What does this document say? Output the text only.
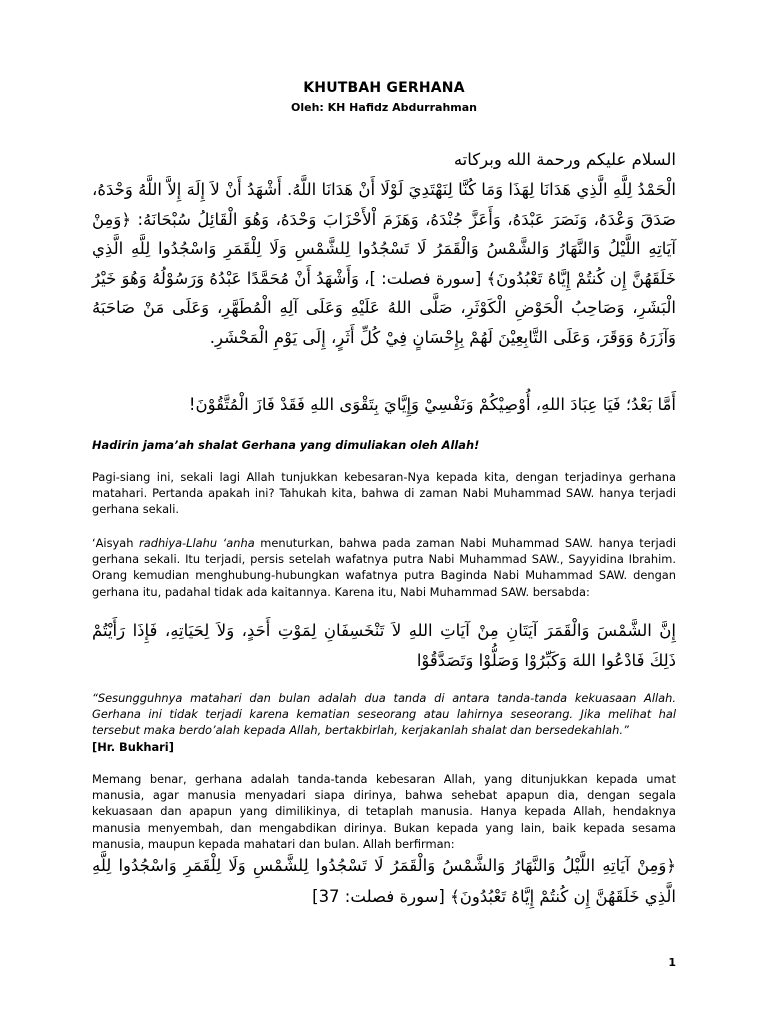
KHUTBAH GERHANA
Oleh: KH Hafidz Abdurrahman
السلام عليكم ورحمة الله وبركاته
الْحَمْدُ لِلَّهِ الَّذِي هَدَانَا لِهَذَا وَمَا كُنَّا لِنَهْتَدِيَ لَوْلَا أَنْ هَدَانَا اللَّهُ. أَشْهَدُ أَنْ لاَ إِلَهَ إِلاَّ اللَّهُ وَحْدَهُ، صَدَقَ وَعْدَهُ، وَنَصَرَ عَبْدَهُ، وَأَعَزَّ جُنْدَهُ، وَهَزَمَ اْلأَحْزَابَ وَحْدَهُ، وَهُوَ الْقَائِلُ سُبْحَانَهُ: ﴿وَمِنْ آيَاتِهِ اللَّيْلُ وَالنَّهَارُ وَالشَّمْسُ وَالْقَمَرُ لَا تَسْجُدُوا لِلشَّمْسِ وَلَا لِلْقَمَرِ وَاسْجُدُوا لِلَّهِ الَّذِي خَلَقَهُنَّ إِن كُنتُمْ إِيَّاهُ تَعْبُدُونَ﴾ [سورة فصلت: ]، وَأَشْهَدُ أَنْ مُحَمَّدًا عَبْدُهُ وَرَسُوْلُهُ وَهُوَ خَيْرُ الْبَشَرِ، وَصَاحِبُ الْحَوْضِ الْكَوْثَرِ، صَلَّى اللهُ عَلَيْهِ وَعَلَى آلِهِ الْمُطَهَّرِ، وَعَلَى مَنْ صَاحَبَهُ وَآزَرَهُ وَوَقَرَ، وَعَلَى التَّابِعِيْنَ لَهُمْ بِإِحْسَانٍ فِيْ كُلِّ أَثَرٍ، إِلَى يَوْمِ الْمَحْشَرِ.
أَمَّا بَعْدُ؛ فَيَا عِبَادَ اللهِ، أُوْصِيْكُمْ وَنَفْسِيْ وَإِيَّايَ بِتَقْوَى اللهِ فَقَدْ فَازَ الْمُتَّقُوْنَ!
Hadirin jama’ah shalat Gerhana yang dimuliakan oleh Allah!
Pagi-siang ini, sekali lagi Allah tunjukkan kebesaran-Nya kepada kita, dengan terjadinya gerhana matahari. Pertanda apakah ini? Tahukah kita, bahwa di zaman Nabi Muhammad SAW. hanya terjadi gerhana sekali.
‘Aisyah radhiya-Llahu ‘anha menuturkan, bahwa pada zaman Nabi Muhammad SAW. hanya terjadi gerhana sekali. Itu terjadi, persis setelah wafatnya putra Nabi Muhammad SAW., Sayyidina Ibrahim. Orang kemudian menghubung-hubungkan wafatnya putra Baginda Nabi Muhammad SAW. dengan gerhana itu, padahal tidak ada kaitannya. Karena itu, Nabi Muhammad SAW. bersabda:
إِنَّ الشَّمْسَ وَالْقَمَرَ آيَتَانِ مِنْ آيَاتِ اللهِ لاَ تَنْخَسِفَانِ لِمَوْتِ أَحَدٍ، وَلاَ لِحَيَاتِهِ، فَإِذَا رَأَيْتُمْ ذَلِكَ فَادْعُوا اللهَ وَكَبِّرُوْا وَصَلُّوْا وَتَصَدَّقُوْا
“Sesungguhnya matahari dan bulan adalah dua tanda di antara tanda-tanda kekuasaan Allah. Gerhana ini tidak terjadi karena kematian seseorang atau lahirnya seseorang. Jika melihat hal tersebut maka berdo’alah kepada Allah, bertakbirlah, kerjakanlah shalat dan bersedekahlah.”
[Hr. Bukhari]
Memang benar, gerhana adalah tanda-tanda kebesaran Allah, yang ditunjukkan kepada umat manusia, agar manusia menyadari siapa dirinya, bahwa sehebat apapun dia, dengan segala kekuasaan dan apapun yang dimilikinya, di tetaplah manusia. Hanya kepada Allah, hendaknya manusia menyembah, dan mengabdikan dirinya. Bukan kepada yang lain, baik kepada sesama manusia, maupun kepada mahatari dan bulan. Allah berfirman:
﴿وَمِنْ آيَاتِهِ اللَّيْلُ وَالنَّهَارُ وَالشَّمْسُ وَالْقَمَرُ لَا تَسْجُدُوا لِلشَّمْسِ وَلَا لِلْقَمَرِ وَاسْجُدُوا لِلَّهِ الَّذِي خَلَقَهُنَّ إِن كُنتُمْ إِيَّاهُ تَعْبُدُونَ﴾ [سورة فصلت: 37]
1
